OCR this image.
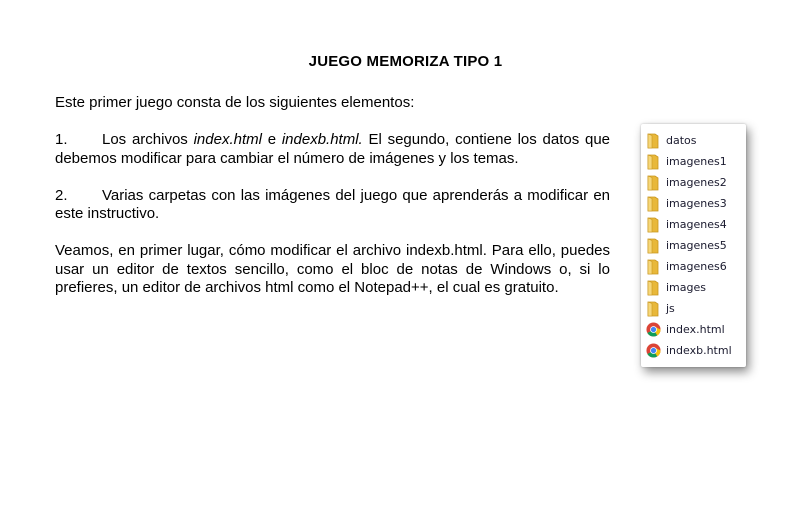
JUEGO MEMORIZA TIPO 1

Este primer juego consta de los siguientes elementos:

1. Los archivos index.html e indexb.html. El segundo, contiene los datos que debemos modificar para cambiar el número de imágenes y los temas.

2. Varias carpetas con las imágenes del juego que aprenderás a modificar en este instructivo.

Veamos, en primer lugar, cómo modificar el archivo indexb.html. Para ello, puedes usar un editor de textos sencillo, como el bloc de notas de Windows o, si lo prefieres, un editor de archivos html como el Notepad++, el cual es gratuito.

datos
imagenes1
imagenes2
imagenes3
imagenes4
imagenes5
imagenes6
images
js
index.html
indexb.html
